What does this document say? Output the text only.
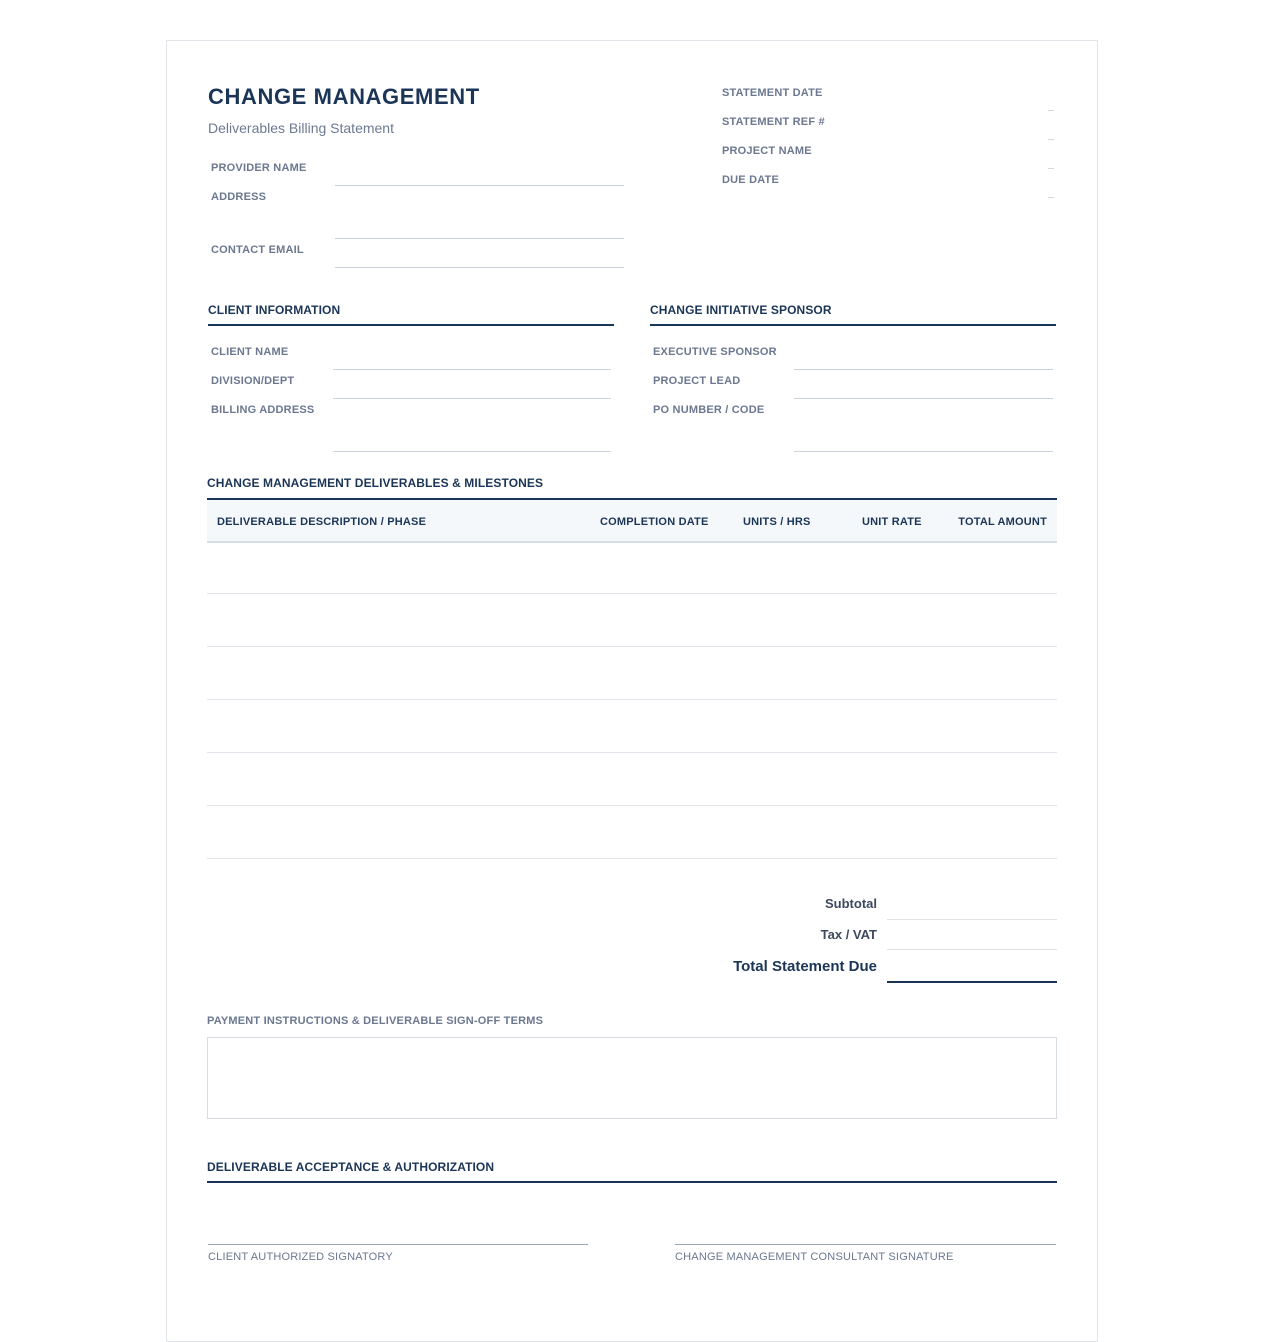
CHANGE MANAGEMENT
Deliverables Billing Statement
PROVIDER NAME
ADDRESS
CONTACT EMAIL
STATEMENT DATE
STATEMENT REF #
PROJECT NAME
DUE DATE
CLIENT INFORMATION
CLIENT NAME
DIVISION/DEPT
BILLING ADDRESS
CHANGE INITIATIVE SPONSOR
EXECUTIVE SPONSOR
PROJECT LEAD
PO NUMBER / CODE
CHANGE MANAGEMENT DELIVERABLES & MILESTONES
DELIVERABLE DESCRIPTION / PHASE	COMPLETION DATE	UNITS / HRS	UNIT RATE	TOTAL AMOUNT
Subtotal
Tax / VAT
Total Statement Due
PAYMENT INSTRUCTIONS & DELIVERABLE SIGN-OFF TERMS
DELIVERABLE ACCEPTANCE & AUTHORIZATION
CLIENT AUTHORIZED SIGNATORY	CHANGE MANAGEMENT CONSULTANT SIGNATURE
